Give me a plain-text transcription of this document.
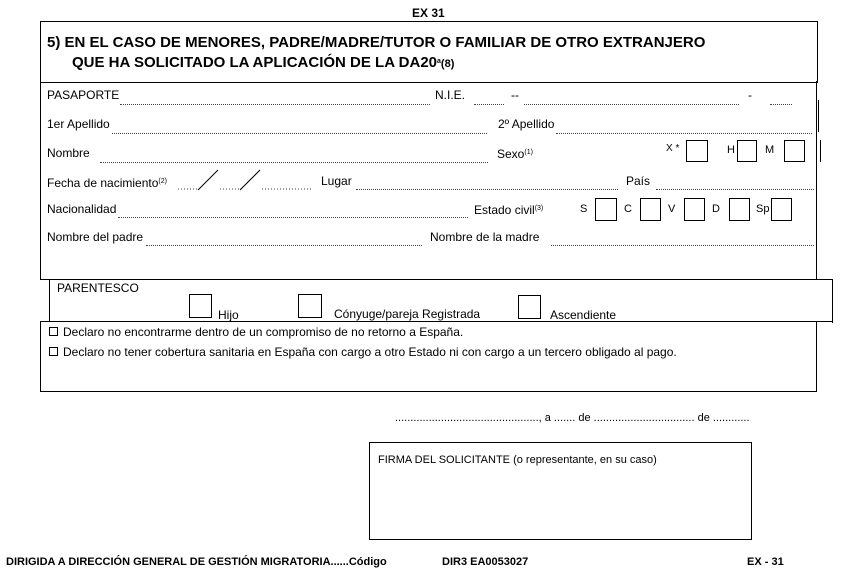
EX 31
5) EN EL CASO DE MENORES, PADRE/MADRE/TUTOR O FAMILIAR DE OTRO EXTRANJERO
QUE HA SOLICITADO LA APLICACIÓN DE LA DA20$^a$(8)
PASAPORTE	N.I.E.	--	-
1er Apellido	2º Apellido
Nombre	Sexo$^{(1)}$	X *	H	M
Fecha de nacimiento$^{(2)}$	Lugar	País
Nacionalidad	Estado civil$^{(3)}$	S	C	V	D	Sp
Nombre del padre	Nombre de la madre
PARENTESCO
Hijo	Cónyuge/pareja Registrada	Ascendiente
Declaro no encontrarme dentro de un compromiso de no retorno a España.
Declaro no tener cobertura sanitaria en España con cargo a otro Estado ni con cargo a un tercero obligado al pago.
..............................................., a ....... de ................................. de ............
FIRMA DEL SOLICITANTE (o representante, en su caso)
DIRIGIDA A DIRECCIÓN GENERAL DE GESTIÓN MIGRATORIA......Código	DIR3 EA0053027	EX - 31
